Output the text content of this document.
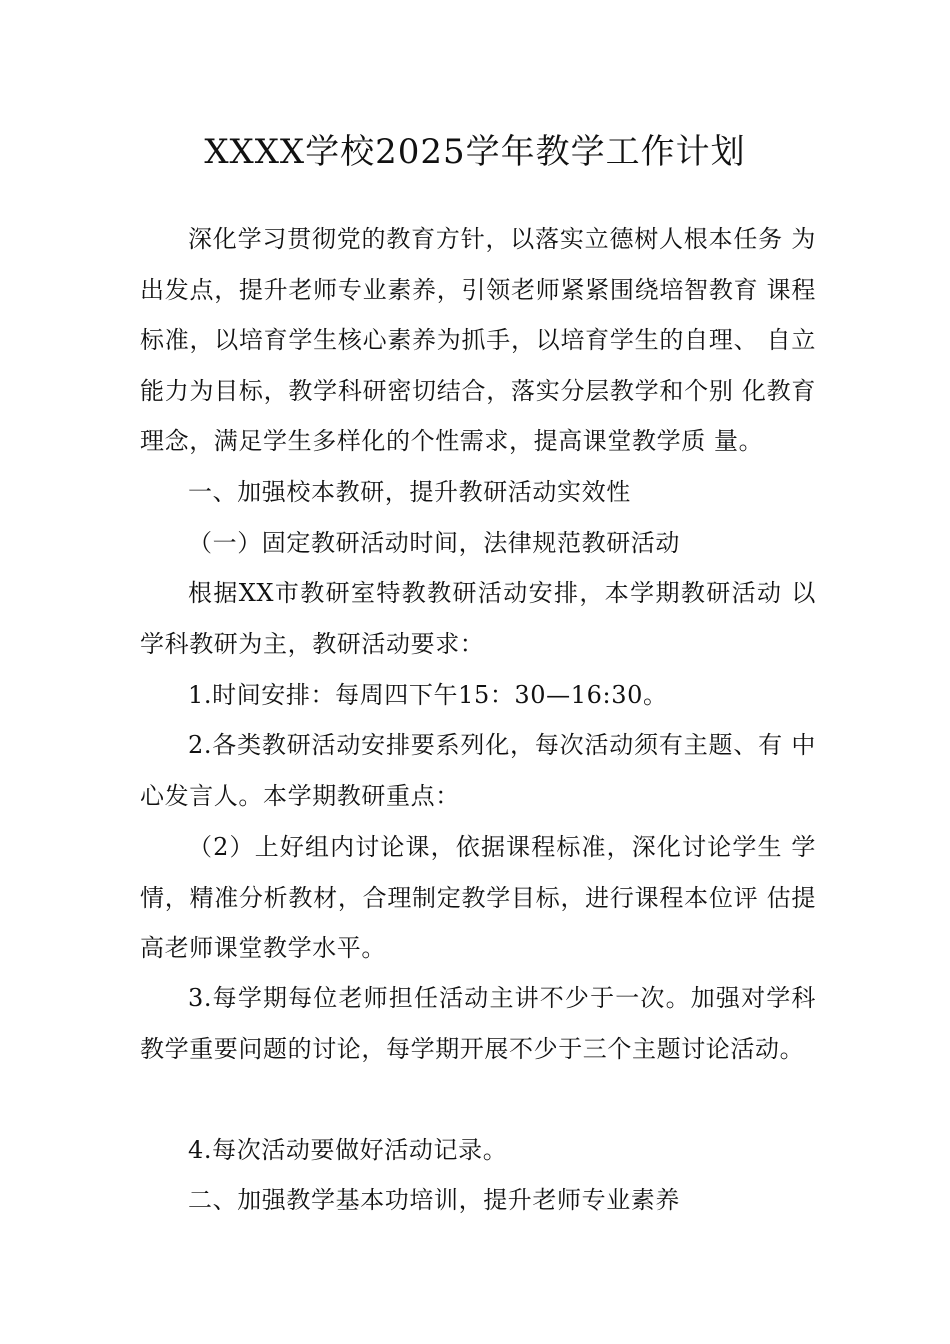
XXXX学校2025学年教学工作计划

深化学习贯彻党的教育方针，以落实立德树人根本任务 为出发点，提升老师专业素养，引领老师紧紧围绕培智教育 课程标准，以培育学生核心素养为抓手，以培育学生的自理、 自立能力为目标，教学科研密切结合，落实分层教学和个别 化教育理念，满足学生多样化的个性需求，提高课堂教学质 量。

一、加强校本教研，提升教研活动实效性

（一）固定教研活动时间，法律规范教研活动

根据XX市教研室特教教研活动安排，本学期教研活动 以学科教研为主，教研活动要求：

1.时间安排：每周四下午15：30—16:30。

2.各类教研活动安排要系列化，每次活动须有主题、有 中心发言人。本学期教研重点：

（2）上好组内讨论课，依据课程标准，深化讨论学生 学情，精准分析教材，合理制定教学目标，进行课程本位评 估提高老师课堂教学水平。

3.每学期每位老师担任活动主讲不少于一次。加强对学科教学重要问题的讨论，每学期开展不少于三个主题讨论活动。

4.每次活动要做好活动记录。

二、加强教学基本功培训，提升老师专业素养
